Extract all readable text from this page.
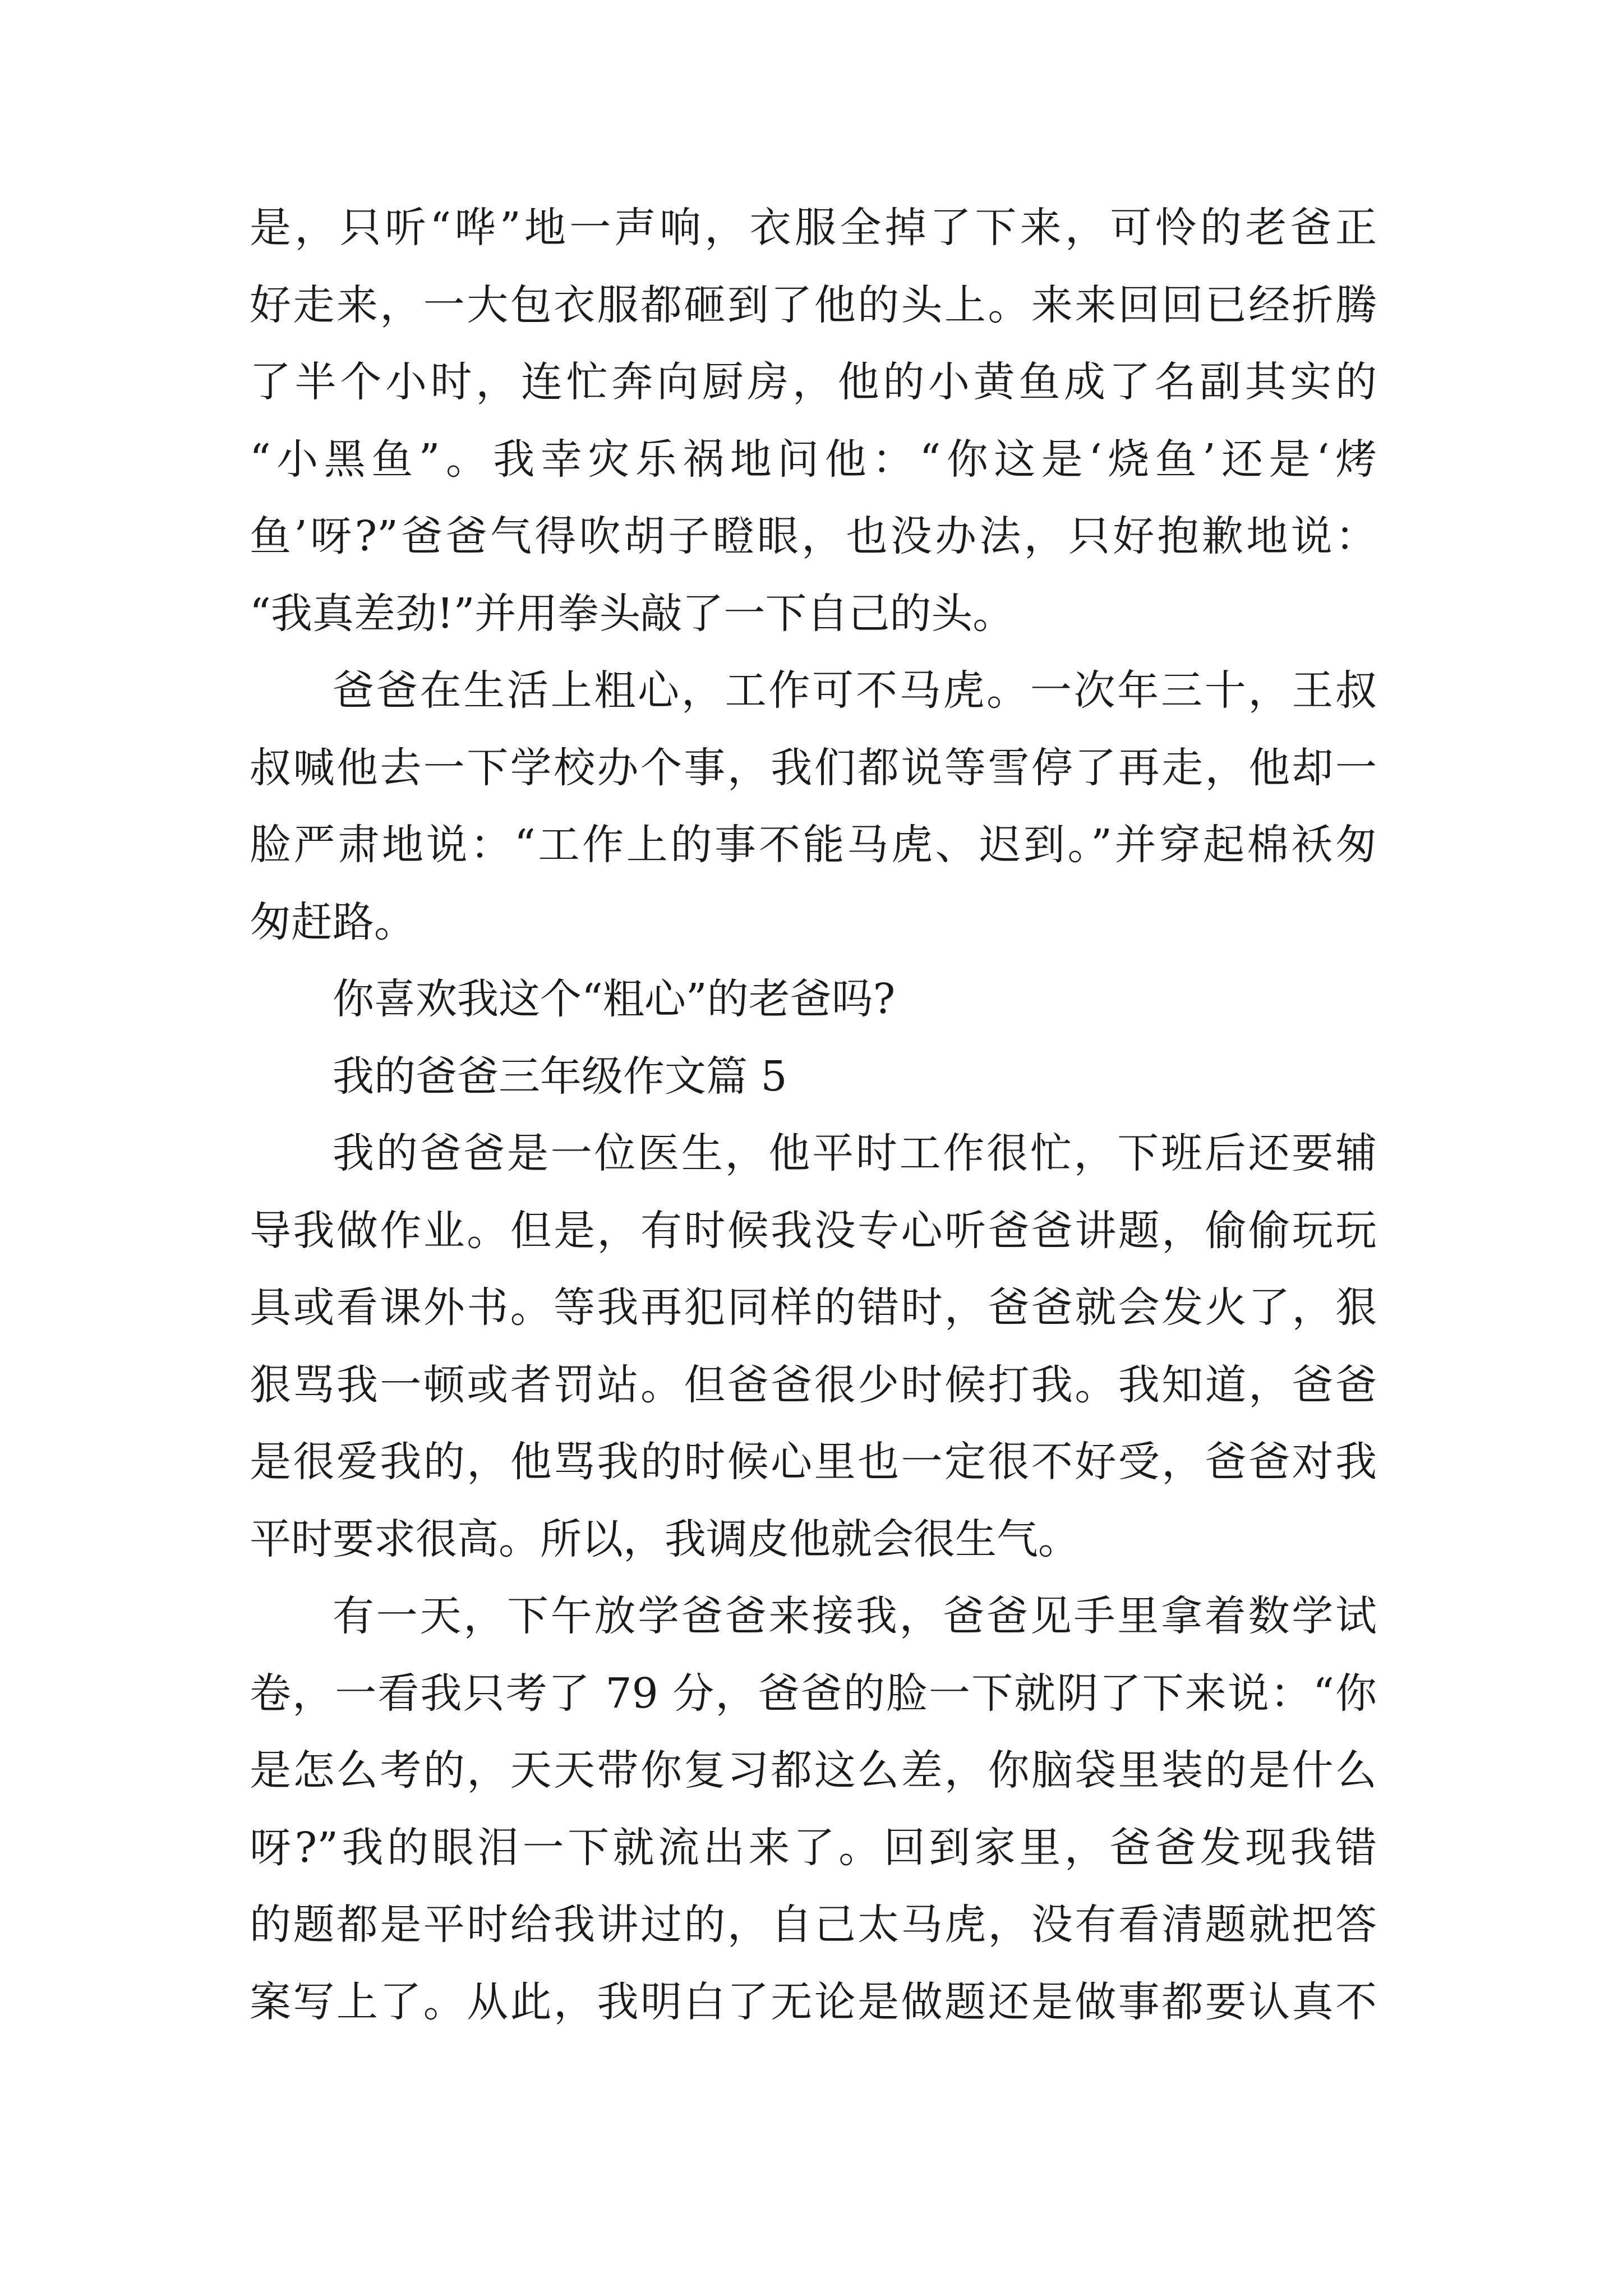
是，只听“哗”地一声响，衣服全掉了下来，可怜的老爸正
好走来，一大包衣服都砸到了他的头上。来来回回已经折腾
了半个小时，连忙奔向厨房，他的小黄鱼成了名副其实的
“小黑鱼”。我幸灾乐祸地问他：“你这是‘烧鱼’还是‘烤
鱼’呀?”爸爸气得吹胡子瞪眼，也没办法，只好抱歉地说：
“我真差劲!”并用拳头敲了一下自己的头。
爸爸在生活上粗心，工作可不马虎。一次年三十，王叔
叔喊他去一下学校办个事，我们都说等雪停了再走，他却一
脸严肃地说：“工作上的事不能马虎、迟到。”并穿起棉袄匆
匆赶路。
你喜欢我这个“粗心”的老爸吗?
我的爸爸三年级作文篇 5
我的爸爸是一位医生，他平时工作很忙，下班后还要辅
导我做作业。但是，有时候我没专心听爸爸讲题，偷偷玩玩
具或看课外书。等我再犯同样的错时，爸爸就会发火了，狠
狠骂我一顿或者罚站。但爸爸很少时候打我。我知道，爸爸
是很爱我的，他骂我的时候心里也一定很不好受，爸爸对我
平时要求很高。所以，我调皮他就会很生气。
有一天，下午放学爸爸来接我，爸爸见手里拿着数学试
卷，一看我只考了 79 分，爸爸的脸一下就阴了下来说：“你
是怎么考的，天天带你复习都这么差，你脑袋里装的是什么
呀?”我的眼泪一下就流出来了。回到家里，爸爸发现我错
的题都是平时给我讲过的，自己太马虎，没有看清题就把答
案写上了。从此，我明白了无论是做题还是做事都要认真不
